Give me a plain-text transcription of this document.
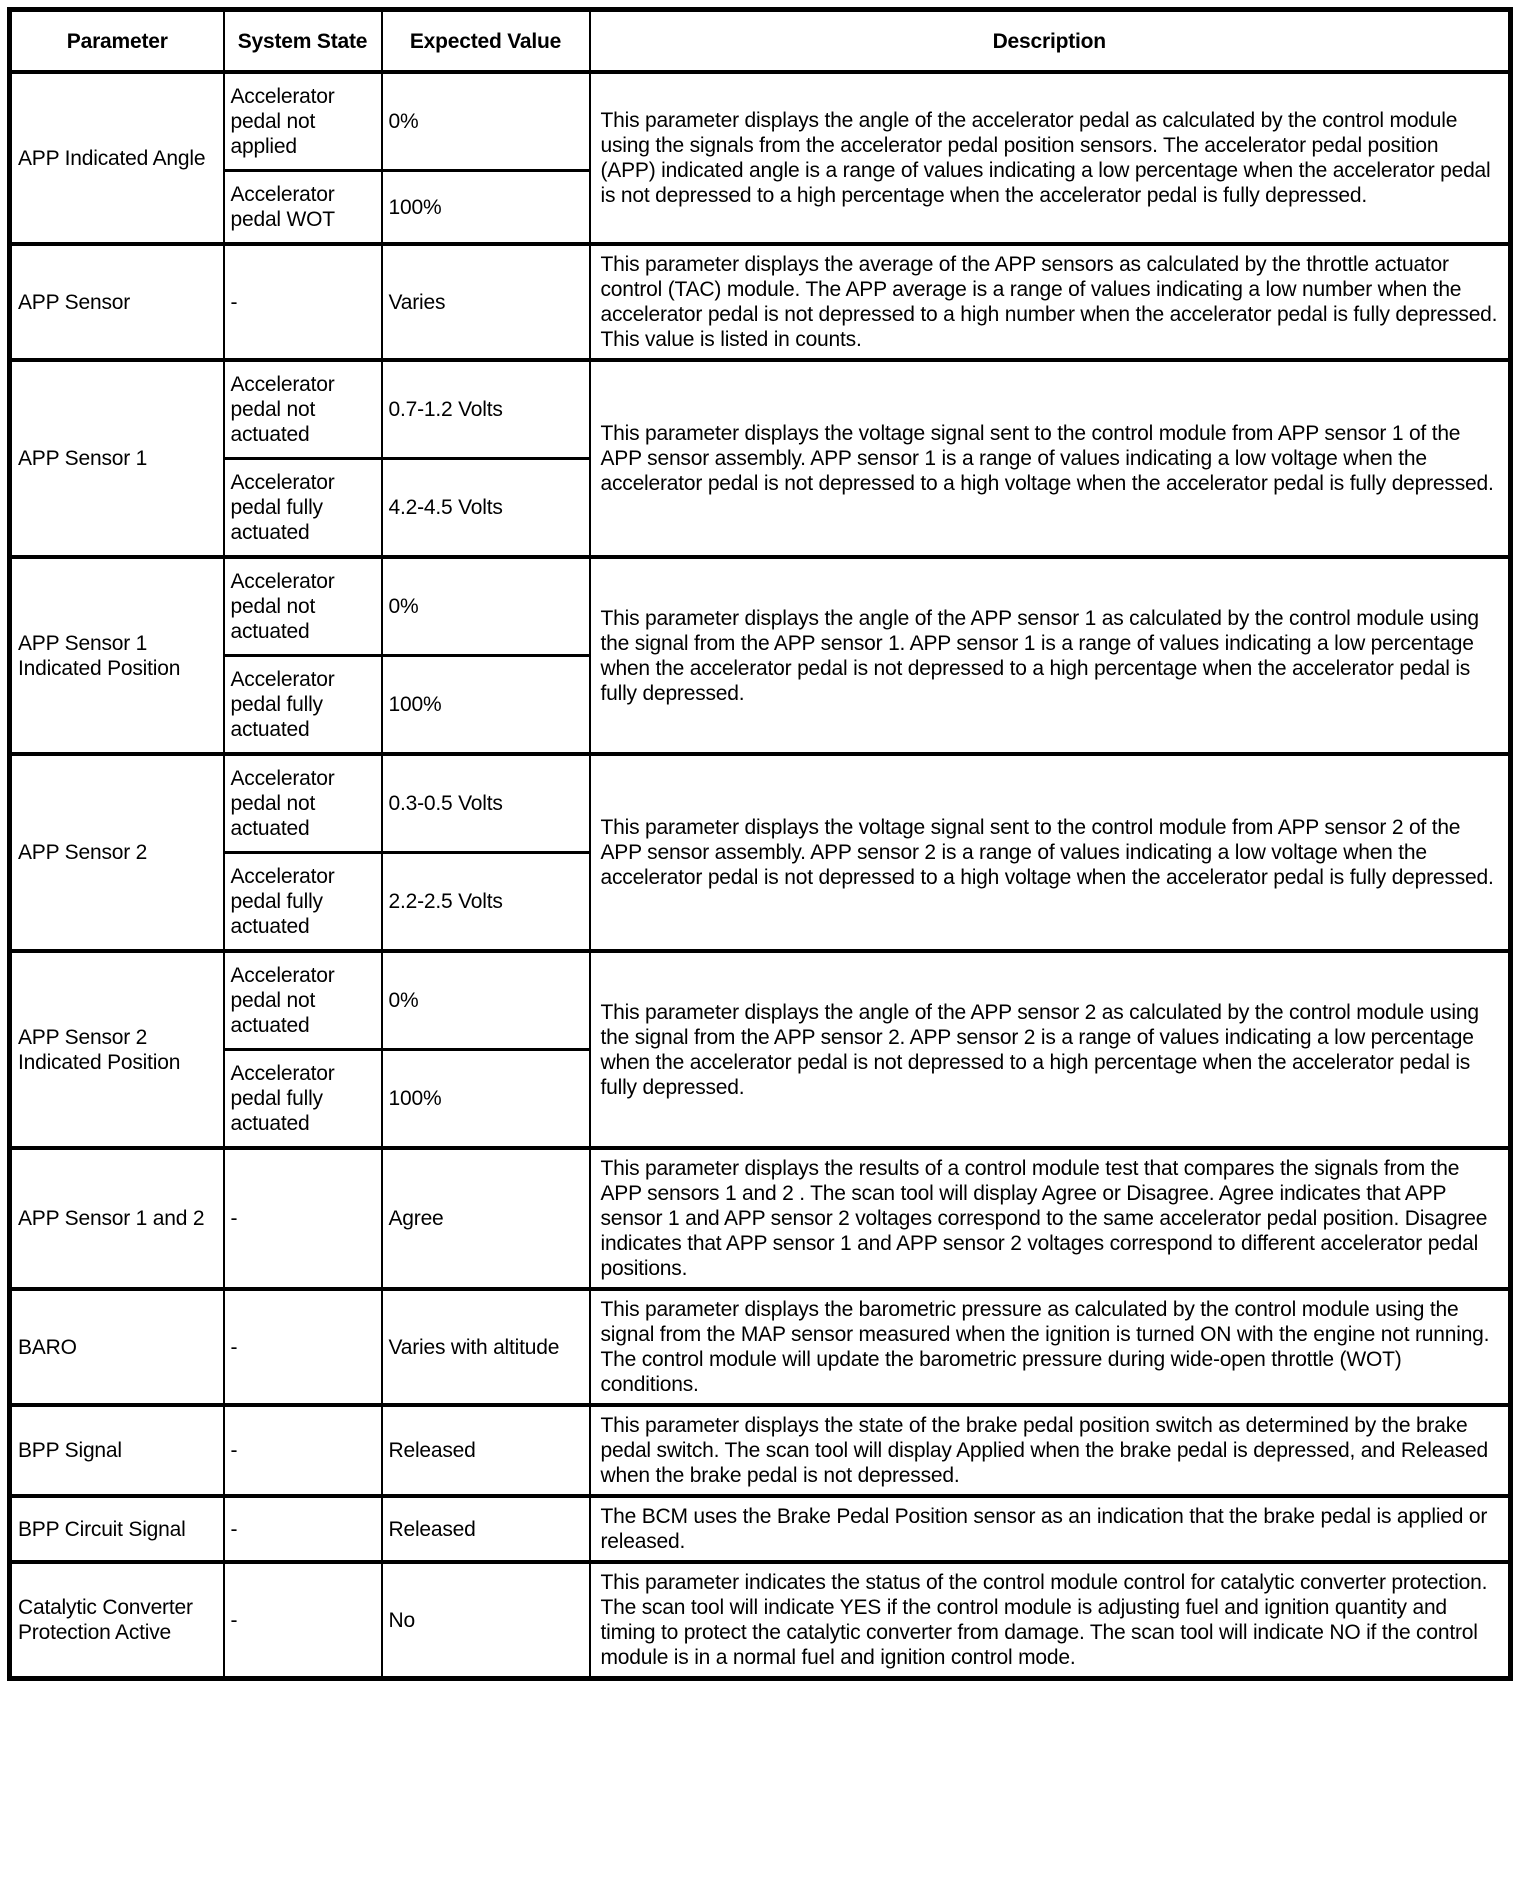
Parameter	System State	Expected Value	Description
APP Indicated Angle	Accelerator pedal not applied	0%	This parameter displays the angle of the accelerator pedal as calculated by the control module using the signals from the accelerator pedal position sensors. The accelerator pedal position (APP) indicated angle is a range of values indicating a low percentage when the accelerator pedal is not depressed to a high percentage when the accelerator pedal is fully depressed.
	Accelerator pedal WOT	100%	
APP Sensor	-	Varies	This parameter displays the average of the APP sensors as calculated by the throttle actuator control (TAC) module. The APP average is a range of values indicating a low number when the accelerator pedal is not depressed to a high number when the accelerator pedal is fully depressed. This value is listed in counts.
APP Sensor 1	Accelerator pedal not actuated	0.7-1.2 Volts	This parameter displays the voltage signal sent to the control module from APP sensor 1 of the APP sensor assembly. APP sensor 1 is a range of values indicating a low voltage when the accelerator pedal is not depressed to a high voltage when the accelerator pedal is fully depressed.
	Accelerator pedal fully actuated	4.2-4.5 Volts	
APP Sensor 1 Indicated Position	Accelerator pedal not actuated	0%	This parameter displays the angle of the APP sensor 1 as calculated by the control module using the signal from the APP sensor 1. APP sensor 1 is a range of values indicating a low percentage when the accelerator pedal is not depressed to a high percentage when the accelerator pedal is fully depressed.
	Accelerator pedal fully actuated	100%	
APP Sensor 2	Accelerator pedal not actuated	0.3-0.5 Volts	This parameter displays the voltage signal sent to the control module from APP sensor 2 of the APP sensor assembly. APP sensor 2 is a range of values indicating a low voltage when the accelerator pedal is not depressed to a high voltage when the accelerator pedal is fully depressed.
	Accelerator pedal fully actuated	2.2-2.5 Volts	
APP Sensor 2 Indicated Position	Accelerator pedal not actuated	0%	This parameter displays the angle of the APP sensor 2 as calculated by the control module using the signal from the APP sensor 2. APP sensor 2 is a range of values indicating a low percentage when the accelerator pedal is not depressed to a high percentage when the accelerator pedal is fully depressed.
	Accelerator pedal fully actuated	100%	
APP Sensor 1 and 2	-	Agree	This parameter displays the results of a control module test that compares the signals from the APP sensors 1 and 2 . The scan tool will display Agree or Disagree. Agree indicates that APP sensor 1 and APP sensor 2 voltages correspond to the same accelerator pedal position. Disagree indicates that APP sensor 1 and APP sensor 2 voltages correspond to different accelerator pedal positions.
BARO	-	Varies with altitude	This parameter displays the barometric pressure as calculated by the control module using the signal from the MAP sensor measured when the ignition is turned ON with the engine not running. The control module will update the barometric pressure during wide-open throttle (WOT) conditions.
BPP Signal	-	Released	This parameter displays the state of the brake pedal position switch as determined by the brake pedal switch. The scan tool will display Applied when the brake pedal is depressed, and Released when the brake pedal is not depressed.
BPP Circuit Signal	-	Released	The BCM uses the Brake Pedal Position sensor as an indication that the brake pedal is applied or released.
Catalytic Converter Protection Active	-	No	This parameter indicates the status of the control module control for catalytic converter protection. The scan tool will indicate YES if the control module is adjusting fuel and ignition quantity and timing to protect the catalytic converter from damage. The scan tool will indicate NO if the control module is in a normal fuel and ignition control mode.
